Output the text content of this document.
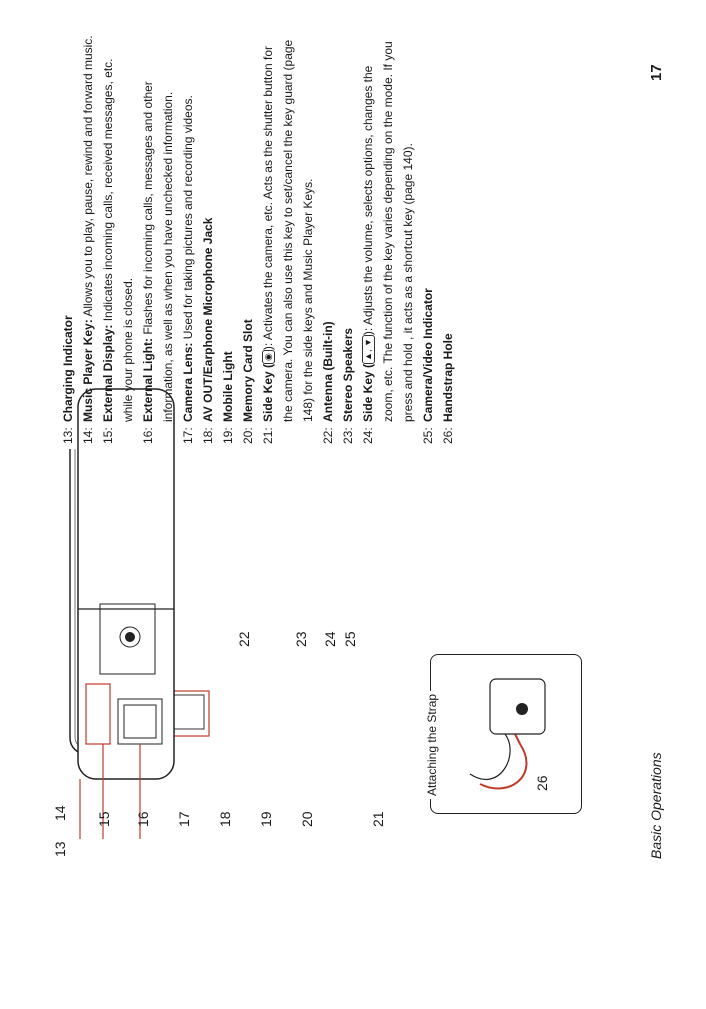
13
14 15 16 17 18 19 20	21
22	23 24 25
26
Attaching the Strap
13:
Charging Indicator
14:
Music Player Key: Allows you to play, pause, rewind and forward music.
15:
External Display: Indicates incoming calls, received messages, etc. while your phone is closed.
16:
External Light: Flashes for incoming calls, messages and other information, as well as when you have unchecked information.
17:
Camera Lens: Used for taking pictures and recording videos.
18:
AV OUT/Earphone Microphone Jack
19:
Mobile Light
20:
Memory Card Slot
21:
Side Key (◉): Activates the camera, etc. Acts as the shutter button for the camera. You can also use this key to set/cancel the key guard (page 148) for the side keys and Music Player Keys.
22:
Antenna (Built-in)
23:
Stereo Speakers
24:
Side Key (▲, ▼): Adjusts the volume, selects options, changes the zoom, etc. The function of the key varies depending on the mode. If you press and hold , it acts as a shortcut key (page 140).
25:
Camera/Video Indicator
26:
Handstrap Hole
Basic Operations
17
